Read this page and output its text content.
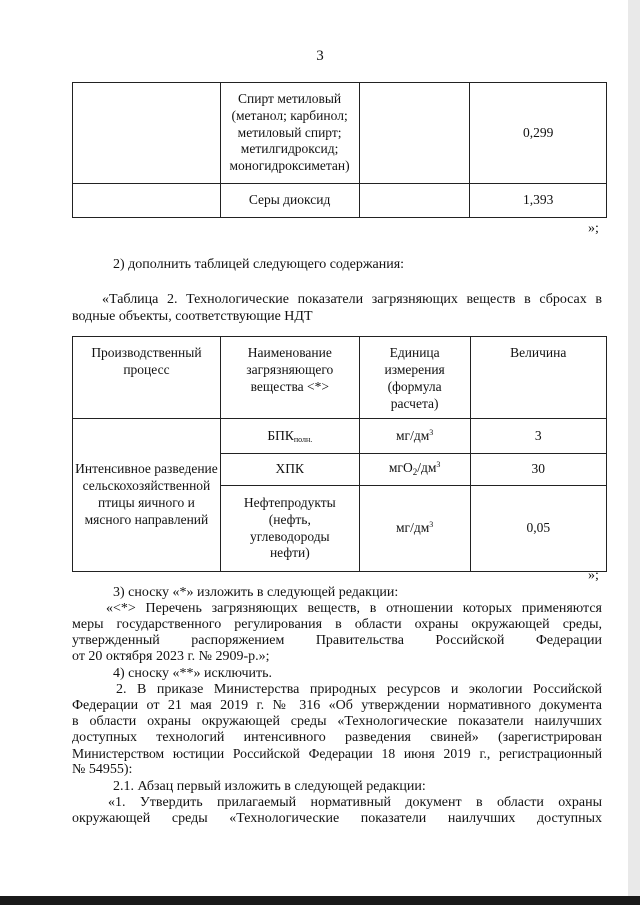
3
	Спирт метиловый (метанол; карбинол; метиловый спирт; метилгидроксид; моногидроксиметан)		0,299
	Серы диоксид		1,393
»;
2) дополнить таблицей следующего содержания:
«Таблица 2. Технологические показатели загрязняющих веществ в сбросах в водные объекты, соответствующие НДТ
Производственный процесс	Наименование загрязняющего вещества <*>	Единица измерения (формула расчета)	Величина
Интенсивное разведение сельскохозяйственной птицы яичного и мясного направлений	$БПК_{полн.}$	$мг/дм^3$	3
	ХПК	$мгО_2/дм^3$	30
	Нефтепродукты (нефть, углеводороды нефти)	$мг/дм^3$	0,05
»;
3) сноску «*» изложить в следующей редакции:
«<*> Перечень загрязняющих веществ, в отношении которых применяются
меры государственного регулирования в области охраны окружающей среды,
утвержденный распоряжением Правительства Российской Федерации
от 20 октября 2023 г. № 2909-р.»;
4) сноску «**» исключить.
2. В приказе Министерства природных ресурсов и экологии Российской
Федерации от 21 мая 2019 г. № 316 «Об утверждении нормативного документа
в области охраны окружающей среды «Технологические показатели наилучших
доступных технологий интенсивного разведения свиней» (зарегистрирован
Министерством юстиции Российской Федерации 18 июня 2019 г., регистрационный
№ 54955):
2.1. Абзац первый изложить в следующей редакции:
«1. Утвердить прилагаемый нормативный документ в области охраны
окружающей среды «Технологические показатели наилучших доступных
